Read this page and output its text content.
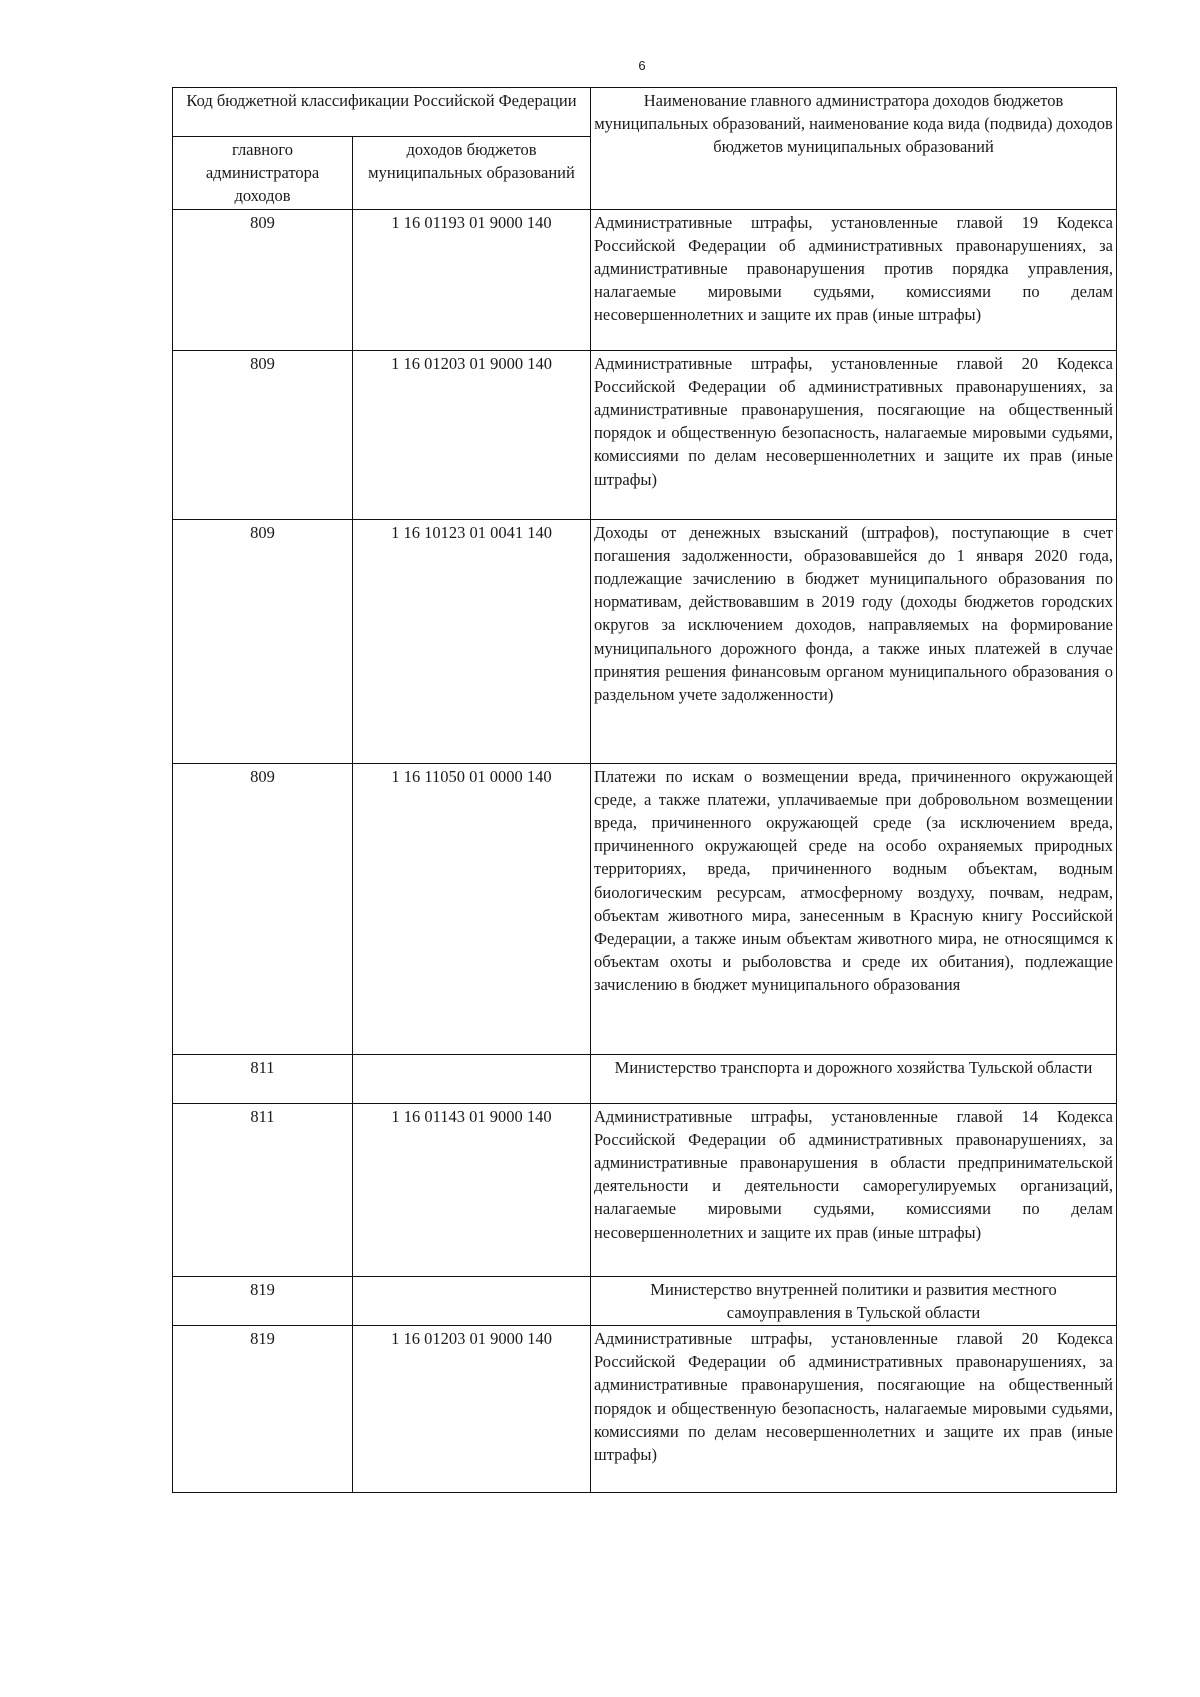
6
Код бюджетной классификации Российской Федерации		Наименование главного администратора доходов бюджетов муниципальных образований, наименование кода вида (подвида) доходов бюджетов муниципальных образований
главного администратора доходов	доходов бюджетов муниципальных образований	
809	1 16 01193 01 9000 140	Административные штрафы, установленные главой 19 Кодекса Российской Федерации об административных правонарушениях, за административные правонарушения против порядка управления, налагаемые мировыми судьями, комиссиями по делам несовершеннолетних и защите их прав (иные штрафы)
809	1 16 01203 01 9000 140	Административные штрафы, установленные главой 20 Кодекса Российской Федерации об административных правонарушениях, за административные правонарушения, посягающие на общественный порядок и общественную безопасность, налагаемые мировыми судьями, комиссиями по делам несовершеннолетних и защите их прав (иные штрафы)
809	1 16 10123 01 0041 140	Доходы от денежных взысканий (штрафов), поступающие в счет погашения задолженности, образовавшейся до 1 января 2020 года, подлежащие зачислению в бюджет муниципального образования по нормативам, действовавшим в 2019 году (доходы бюджетов городских округов за исключением доходов, направляемых на формирование муниципального дорожного фонда, а также иных платежей в случае принятия решения финансовым органом муниципального образования о раздельном учете задолженности)
809	1 16 11050 01 0000 140	Платежи по искам о возмещении вреда, причиненного окружающей среде, а также платежи, уплачиваемые при добровольном возмещении вреда, причиненного окружающей среде (за исключением вреда, причиненного окружающей среде на особо охраняемых природных территориях, вреда, причиненного водным объектам, водным биологическим ресурсам, атмосферному воздуху, почвам, недрам, объектам животного мира, занесенным в Красную книгу Российской Федерации, а также иным объектам животного мира, не относящимся к объектам охоты и рыболовства и среде их обитания), подлежащие зачислению в бюджет муниципального образования
811		Министерство транспорта и дорожного хозяйства Тульской области
811	1 16 01143 01 9000 140	Административные штрафы, установленные главой 14 Кодекса Российской Федерации об административных правонарушениях, за административные правонарушения в области предпринимательской деятельности и деятельности саморегулируемых организаций, налагаемые мировыми судьями, комиссиями по делам несовершеннолетних и защите их прав (иные штрафы)
819		Министерство внутренней политики и развития местного самоуправления в Тульской области
819	1 16 01203 01 9000 140	Административные штрафы, установленные главой 20 Кодекса Российской Федерации об административных правонарушениях, за административные правонарушения, посягающие на общественный порядок и общественную безопасность, налагаемые мировыми судьями, комиссиями по делам несовершеннолетних и защите их прав (иные штрафы)
